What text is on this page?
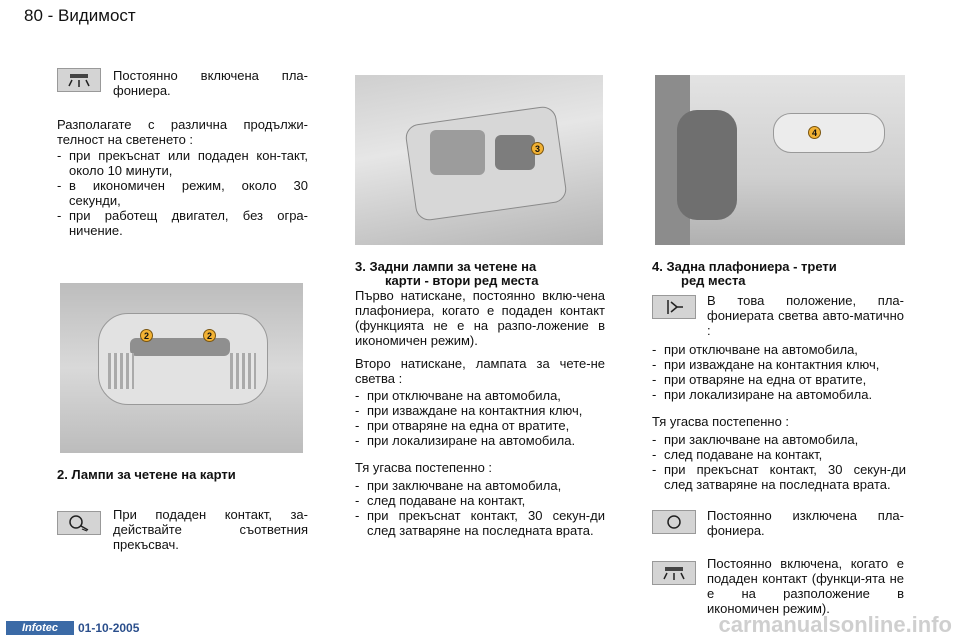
80 - Видимост
Постоянно включена пла-фониера.
Разполагате с различна продължи-телност на светенето :
- при прекъснат или подаден кон-такт, около 10 минути,
- в икономичен режим, около 30 секунди,
- при работещ двигател, без огра-ничение.
2	2
2. Лампи за четене на карти
При подаден контакт, за-действайте съответния прекъсвач.
3
3. Задни лампи за четене на
карти - втори ред места
Първо натискане, постоянно вклю-чена плафониера, когато е подаден контакт (функцията не е на разпо-ложение в икономичен режим).
Второ натискане, лампата за чете-не светва :
- при отключване на автомобила,
- при изваждане на контактния ключ,
- при отваряне на една от вратите,
- при локализиране на автомобила.
Тя угасва постепенно :
- при заключване на автомобила,
- след подаване на контакт,
- при прекъснат контакт, 30 секун-ди след затваряне на последната врата.
4
4. Задна плафониера - трети
ред места
В това положение, пла-фониерата светва авто-матично :
- при отключване на автомобила,
- при изваждане на контактния ключ,
- при отваряне на една от вратите,
- при локализиране на автомобила.
Тя угасва постепенно :
- при заключване на автомобила,
- след подаване на контакт,
- при прекъснат контакт, 30 секун-ди след затваряне на последната врата.
Постоянно изключена пла-фониера.
Постоянно включена, когато е подаден контакт (функци-ята не е на разположение в икономичен режим).
Infotec	01-10-2005	carmanualsonline.info
